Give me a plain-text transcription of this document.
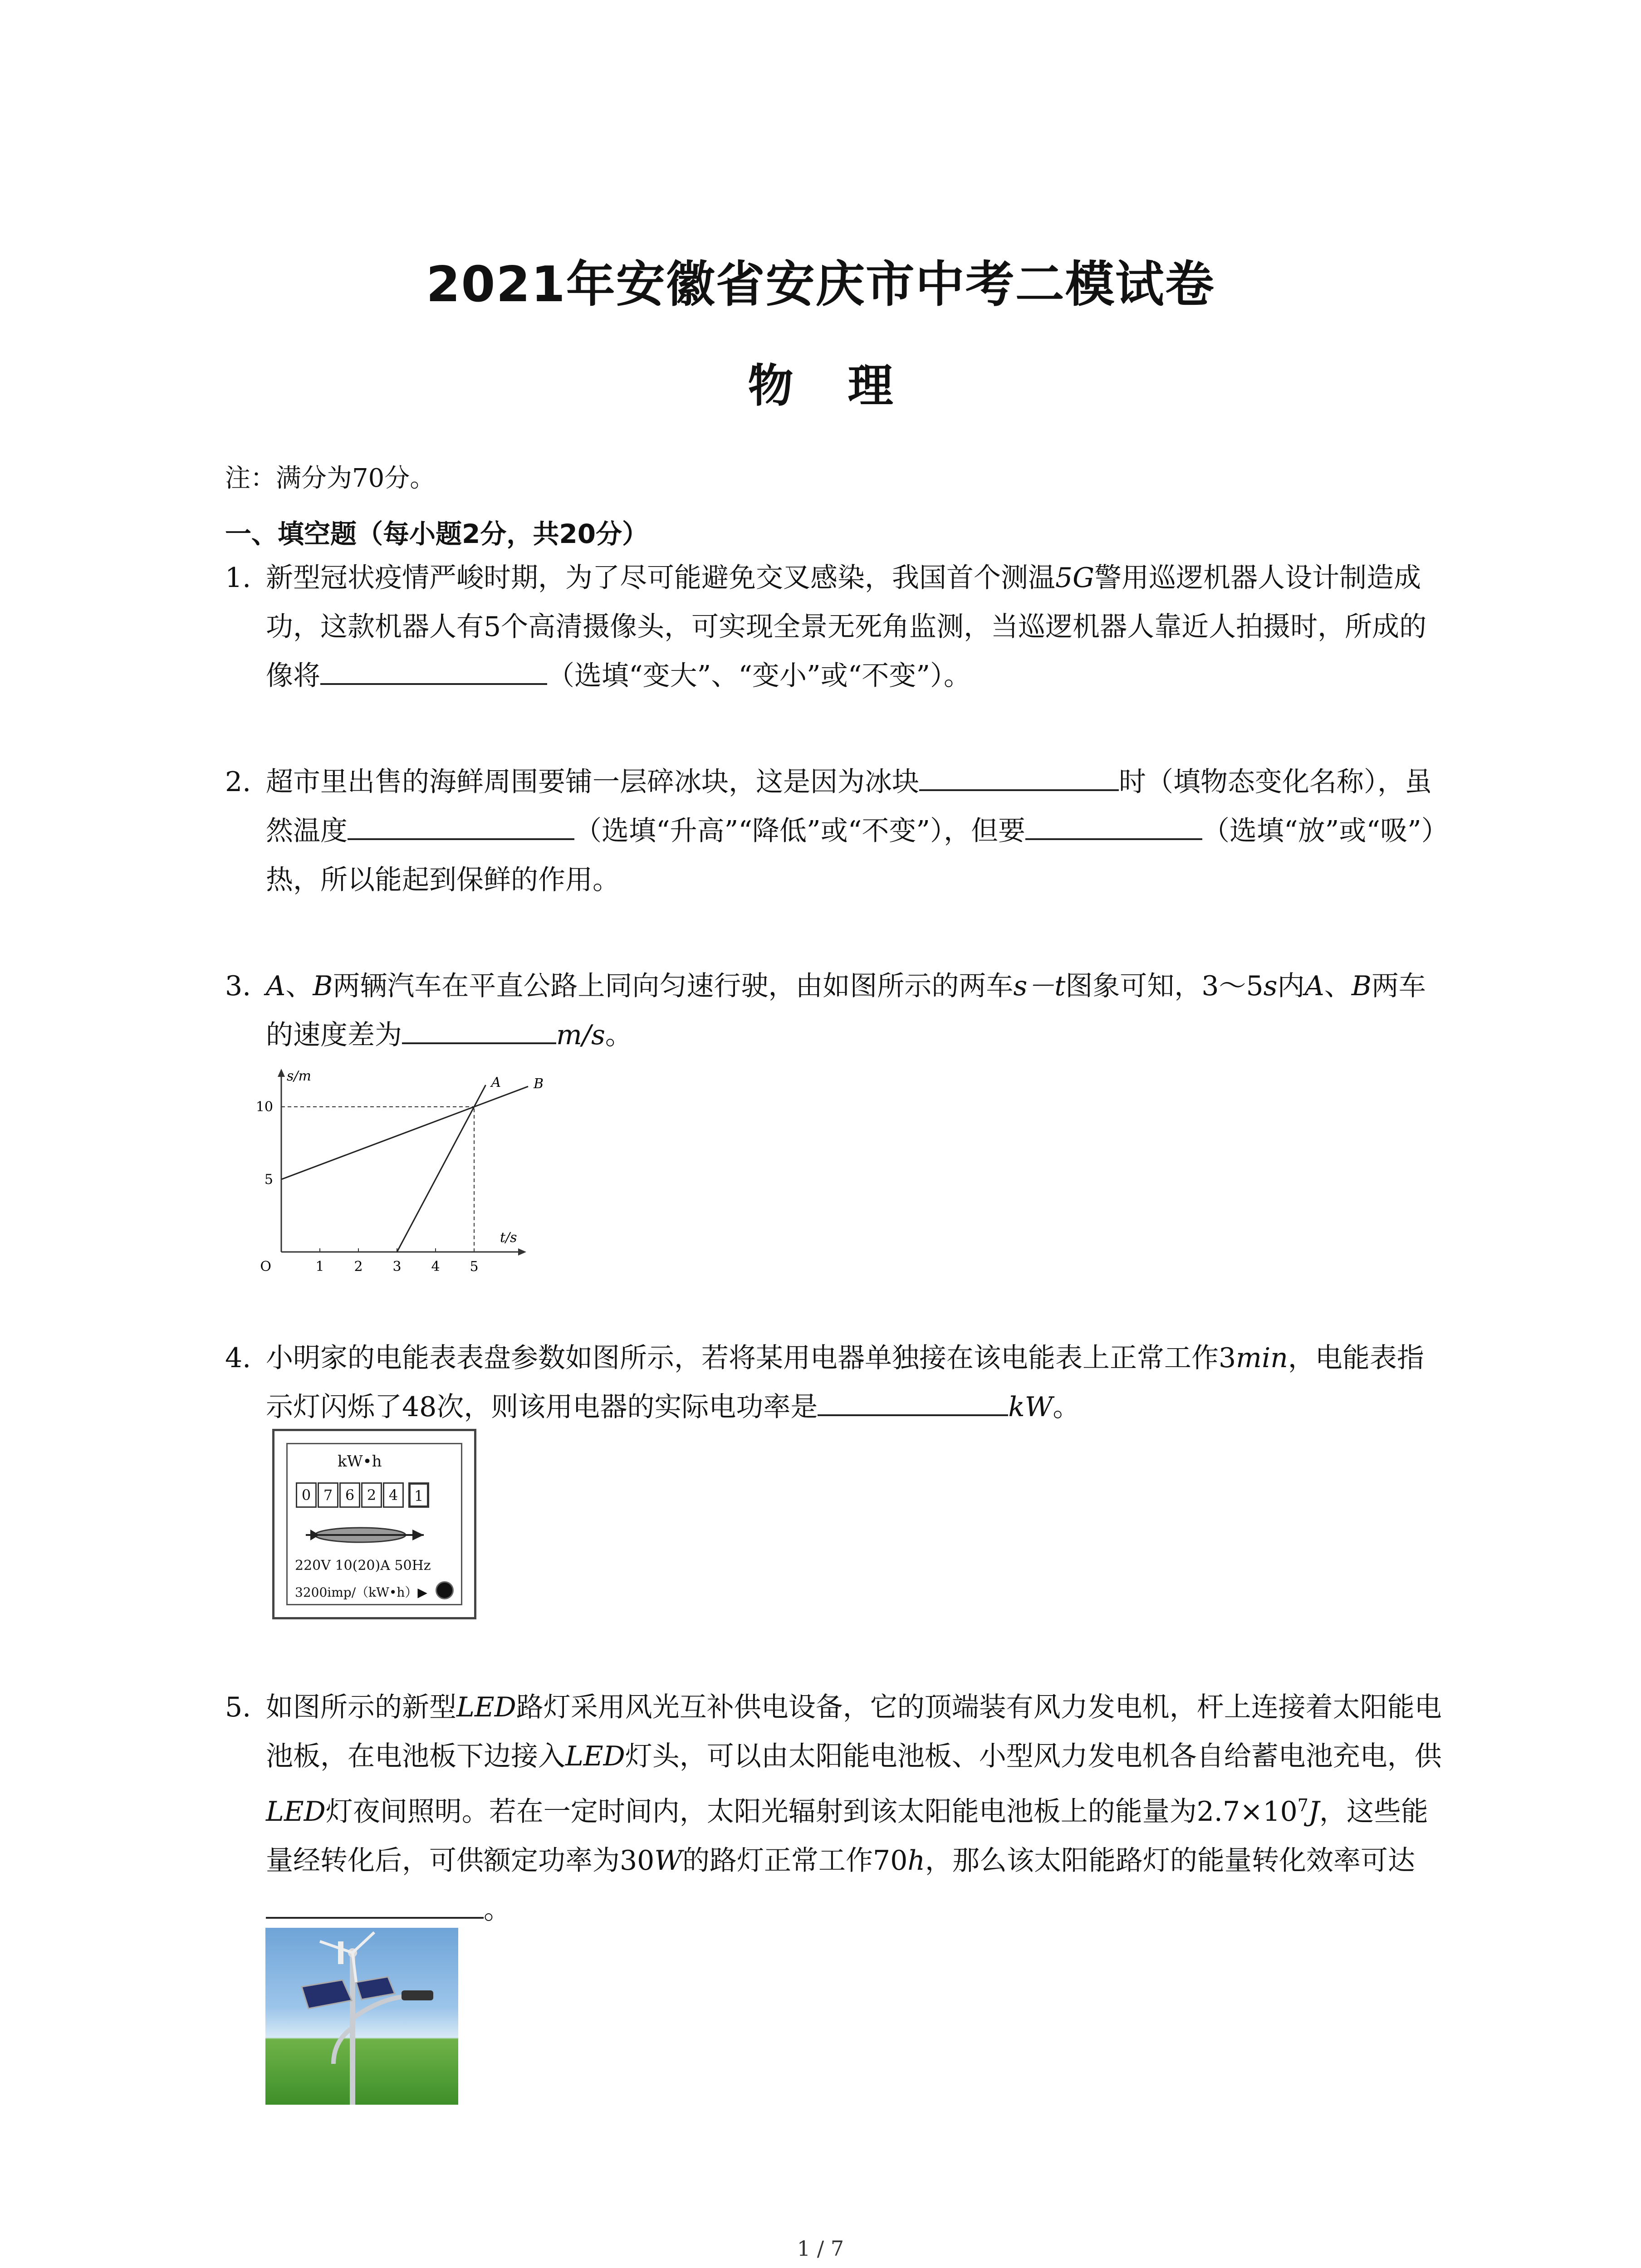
2021年安徽省安庆市中考二模试卷
物 理
注：满分为70分。
一、填空题（每小题2分，共20分）
1. 新型冠状疫情严峻时期，为了尽可能避免交叉感染，我国首个测温5G警用巡逻机器人设计制造成功，这款机器人有5个高清摄像头，可实现全景无死角监测，当巡逻机器人靠近人拍摄时，所成的像将	（选填“变大”、“变小”或“不变”）。
2. 超市里出售的海鲜周围要铺一层碎冰块，这是因为冰块	时（填物态变化名称），虽然温度	（选填“升高”“降低”或“不变”），但要	（选填“放”或“吸”）热，所以能起到保鲜的作用。
3. A、B两辆汽车在平直公路上同向匀速行驶，由如图所示的两车s－t图象可知，3～5s内A、B两车的速度差为	m/s。
1 2 3 4 5
5
10
O
t/s
s/m	A B
4. 小明家的电能表表盘参数如图所示，若将某用电器单独接在该电能表上正常工作3min，电能表指示灯闪烁了48次，则该用电器的实际电功率是	kW。
kW•h
0 7 6 2 4	1
220V 10(20)A 50Hz
3200imp/（kW•h）▶
5. 如图所示的新型LED路灯采用风光互补供电设备，它的顶端装有风力发电机，杆上连接着太阳能电池板，在电池板下边接入LED灯头，可以由太阳能电池板、小型风力发电机各自给蓄电池充电，供LED灯夜间照明。若在一定时间内，太阳光辐射到该太阳能电池板上的能量为$2.7\times 10^7J$，这些能量经转化后，可供额定功率为30W的路灯正常工作70h，那么该太阳能路灯的能量转化效率可达。
1 / 7
